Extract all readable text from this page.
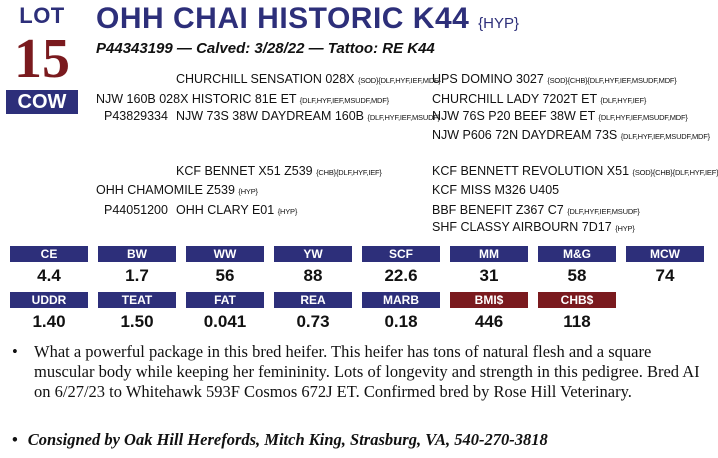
LOT
15
COW
OHH CHAI HISTORIC K44 {HYP}
P44343199 — Calved: 3/28/22 — Tattoo: RE K44
CHURCHILL SENSATION 028X {SOD}{DLF,HYF,IEF,MDF}
NJW 160B 028X HISTORIC 81E ET {DLF,HYF,IEF,MSUDF,MDF}
P43829334 NJW 73S 38W DAYDREAM 160B {DLF,HYF,IEF,MSUDF}
UPS DOMINO 3027 {SOD}{CHB}{DLF,HYF,IEF,MSUDF,MDF}
CHURCHILL LADY 7202T ET {DLF,HYF,IEF}
NJW 76S P20 BEEF 38W ET {DLF,HYF,IEF,MSUDF,MDF}
NJW P606 72N DAYDREAM 73S {DLF,HYF,IEF,MSUDF,MDF}
KCF BENNET X51 Z539 {CHB}{DLF,HYF,IEF}
OHH CHAMOMILE Z539 {HYP}
P44051200 OHH CLARY E01 {HYP}
KCF BENNETT REVOLUTION X51 {SOD}{CHB}{DLF,HYF,IEF}
KCF MISS M326 U405
BBF BENEFIT Z367 C7 {DLF,HYF,IEF,MSUDF}
SHF CLASSY AIRBOURN 7D17 {HYP}
CE	BW	WW	YW	SCF	MM	M&G	MCW
4.4	1.7	56	88	22.6	31	58	74
UDDR	TEAT	FAT	REA	MARB	BMI$	CHB$
1.40	1.50	0.041	0.73	0.18	446	118
• What a powerful package in this bred heifer. This heifer has tons of natural flesh and a square muscular body while keeping her femininity. Lots of longevity and strength in this pedigree. Bred AI on 6/27/23 to Whitehawk 593F Cosmos 672J ET. Confirmed bred by Rose Hill Veterinary.
• Consigned by Oak Hill Herefords, Mitch King, Strasburg, VA, 540-270-3818
